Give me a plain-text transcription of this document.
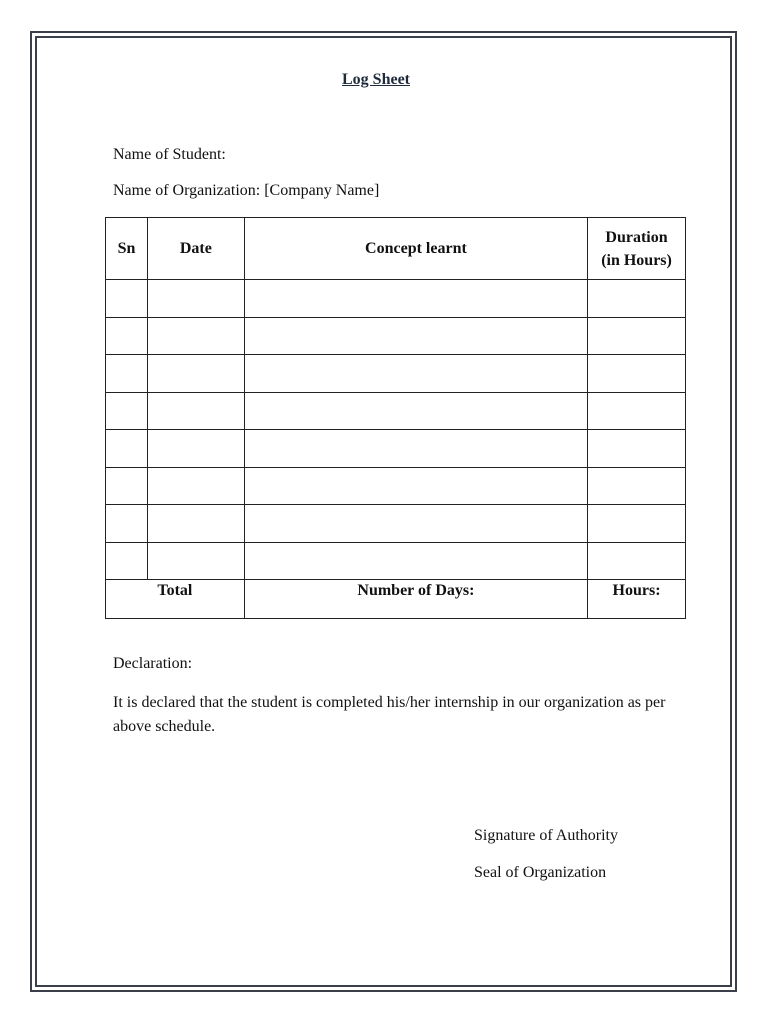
Log Sheet
Name of Student:
Name of Organization: [Company Name]
Sn	Date	Concept learnt	Duration
(in Hours)

Total		Number of Days:	Hours:
Declaration:
It is declared that the student is completed his/her internship in our organization as per above schedule.
Signature of Authority
Seal of Organization
